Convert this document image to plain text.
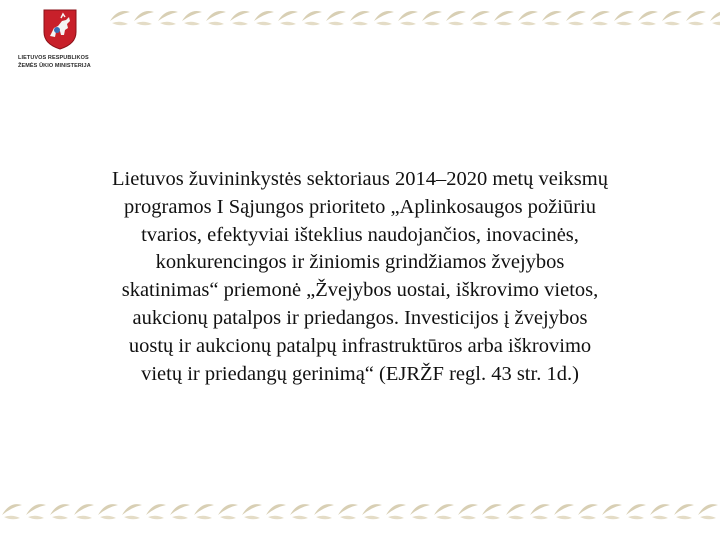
LIETUVOS RESPUBLIKOS
ŽEMĖS ŪKIO MINISTERIJA
Lietuvos žuvininkystės sektoriaus 2014–2020 metų veiksmų
programos I Sąjungos prioriteto „Aplinkosaugos požiūriu
tvarios, efektyviai išteklius naudojančios, inovacinės,
konkurencingos ir žiniomis grindžiamos žvejybos
skatinimas“ priemonė „Žvejybos uostai, iškrovimo vietos,
aukcionų patalpos ir priedangos. Investicijos į žvejybos
uostų ir aukcionų patalpų infrastruktūros arba iškrovimo
vietų ir priedangų gerinimą“ (EJRŽF regl. 43 str. 1d.)
